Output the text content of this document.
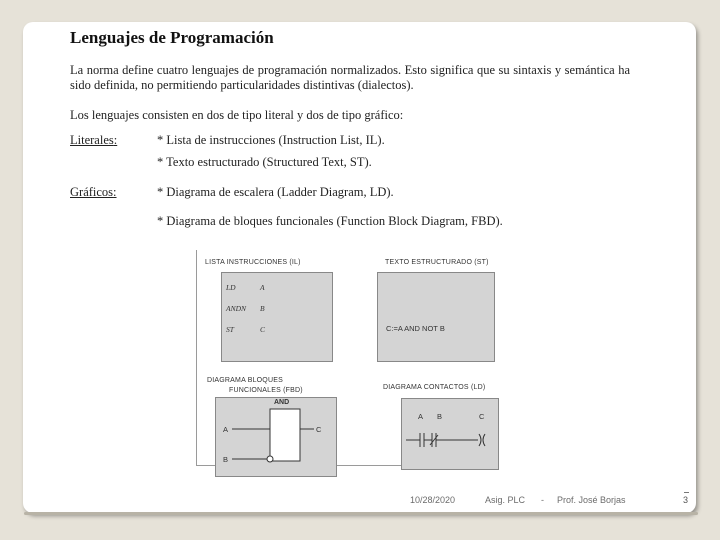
Lenguajes de Programación
La norma define cuatro lenguajes de programación normalizados. Esto significa que su sintaxis y semántica ha sido definida, no permitiendo particularidades distintivas (dialectos).
Los lenguajes consisten en dos de tipo literal y dos de tipo gráfico:
Literales:	* Lista de instrucciones (Instruction List, IL).
* Texto estructurado (Structured Text, ST).
Gráficos:	* Diagrama de escalera (Ladder Diagram, LD).
* Diagrama de bloques funcionales (Function Block Diagram, FBD).
LISTA INSTRUCCIONES (IL)
LD	A
ANDN B
ST	C
TEXTO ESTRUCTURADO (ST)
C:=A AND NOT B
DIAGRAMA BLOQUES
FUNCIONALES (FBD)
AND
A
B
C
DIAGRAMA CONTACTOS (LD)
A B	C
10/28/2020	Asig. PLC - Prof. José Borjas	3
